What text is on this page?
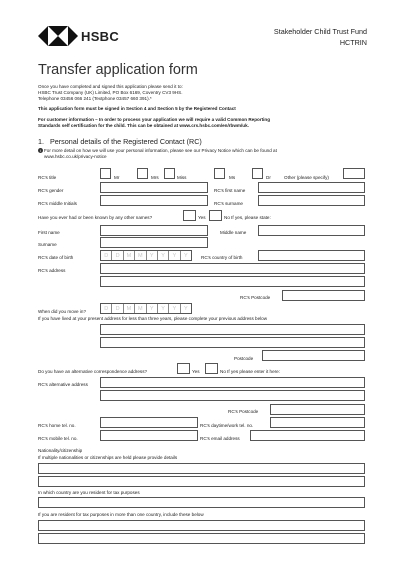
HSBC	Stakeholder Child Trust Fund
HCTRIN
Transfer application form
Once you have completed and signed this application please send it to:
HSBC Trust Company (UK) Limited, PO Box 6169, Coventry CV3 9HS.
Telephone 03456 066 241 (Textphone 03457 660 391).*
This application form must be signed in Section 4 and Section 5 by the Registered Contact
For customer information – In order to process your application we will require a valid Common Reporting
Standards self certification for the child. This can be obtained at www.crs.hsbc.com/en/rbwm/uk.
1. Personal details of the Registered Contact (RC)
i For more detail on how we will use your personal information, please see our Privacy Notice which can be found at
www.hsbc.co.uk/privacy-notice
RC's title	Mr	Mrs	Miss	Ms	Dr	Other (please specify)
RC's gender	RC's first name
RC's middle Initials	RC's surname
Have you ever had or been known by any other names?	Yes	No If yes, please state:
First name	Middle name
Surname
RC's date of birth	D	D	M	M	Y	Y	Y	Y	RC's country of birth
RC's address
RC's Postcode
When did you move in?	D	D	M	M	Y	Y	Y	Y
If you have lived at your present address for less than three years, please complete your previous address below
Postcode
Do you have an alternative correspondence address?	Yes	No If yes please enter it here:
RC's alternative address
RC's Postcode
RC's home tel. no.	RC's daytime/work tel. no.
RC's mobile tel. no.	RC's email address
Nationality/citizenship
If multiple nationalities or citizenships are held please provide details
In which country are you resident for tax purposes
If you are resident for tax purposes in more than one country, include these below
